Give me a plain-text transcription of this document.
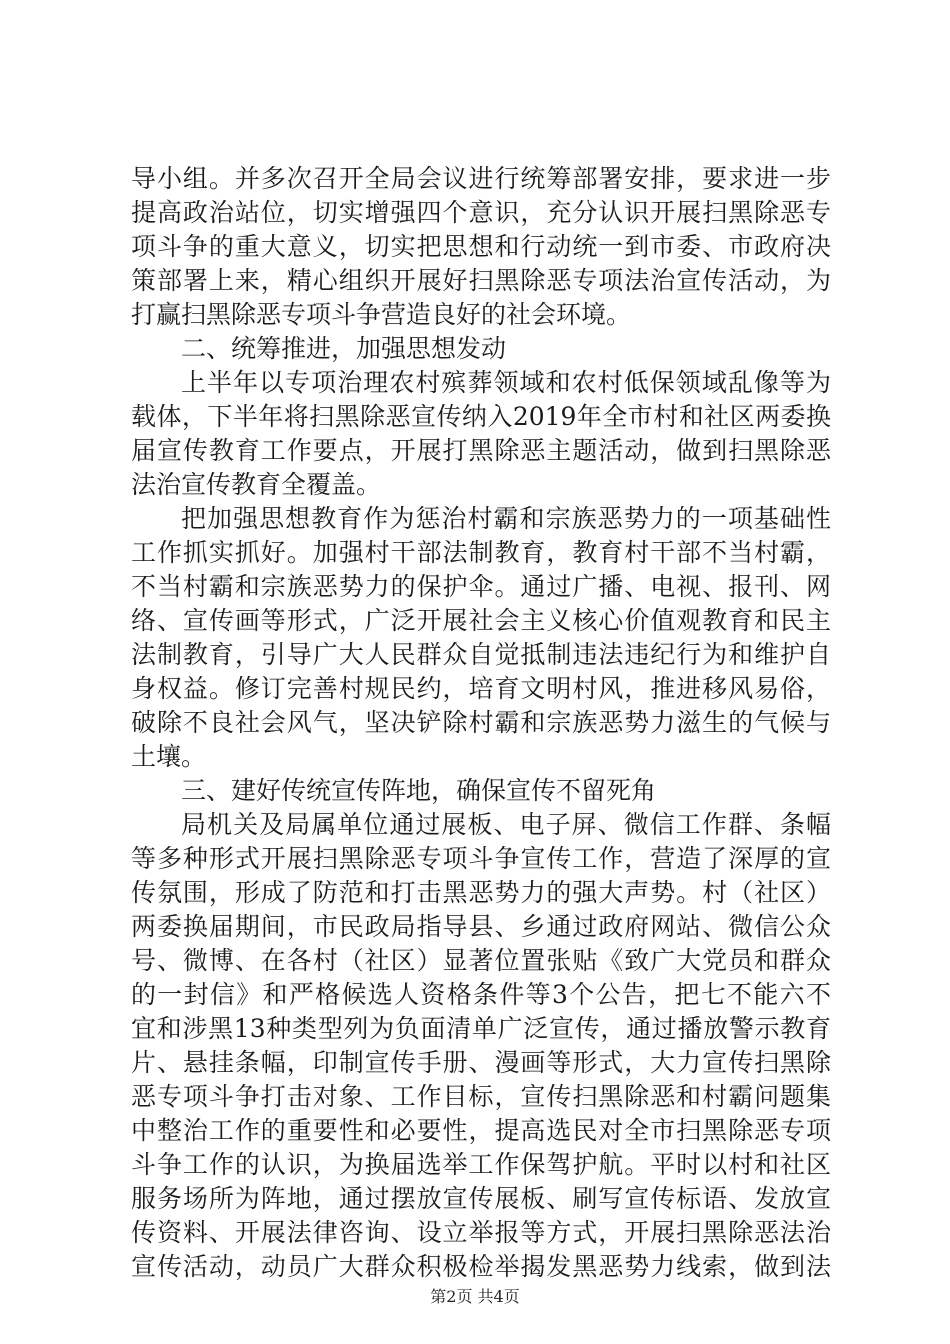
导小组。并多次召开全局会议进行统筹部署安排，要求进一步
提高政治站位，切实增强四个意识，充分认识开展扫黑除恶专
项斗争的重大意义，切实把思想和行动统一到市委、市政府决
策部署上来，精心组织开展好扫黑除恶专项法治宣传活动，为
打赢扫黑除恶专项斗争营造良好的社会环境。
二、统筹推进，加强思想发动
上半年以专项治理农村殡葬领域和农村低保领域乱像等为
载体，下半年将扫黑除恶宣传纳入2019年全市村和社区两委换
届宣传教育工作要点，开展打黑除恶主题活动，做到扫黑除恶
法治宣传教育全覆盖。
把加强思想教育作为惩治村霸和宗族恶势力的一项基础性
工作抓实抓好。加强村干部法制教育，教育村干部不当村霸，
不当村霸和宗族恶势力的保护伞。通过广播、电视、报刊、网
络、宣传画等形式，广泛开展社会主义核心价值观教育和民主
法制教育，引导广大人民群众自觉抵制违法违纪行为和维护自
身权益。修订完善村规民约，培育文明村风，推进移风易俗，
破除不良社会风气，坚决铲除村霸和宗族恶势力滋生的气候与
土壤。
三、建好传统宣传阵地，确保宣传不留死角
局机关及局属单位通过展板、电子屏、微信工作群、条幅
等多种形式开展扫黑除恶专项斗争宣传工作，营造了深厚的宣
传氛围，形成了防范和打击黑恶势力的强大声势。村（社区）
两委换届期间，市民政局指导县、乡通过政府网站、微信公众
号、微博、在各村（社区）显著位置张贴《致广大党员和群众
的一封信》和严格候选人资格条件等3个公告，把七不能六不
宜和涉黑13种类型列为负面清单广泛宣传，通过播放警示教育
片、悬挂条幅，印制宣传手册、漫画等形式，大力宣传扫黑除
恶专项斗争打击对象、工作目标，宣传扫黑除恶和村霸问题集
中整治工作的重要性和必要性，提高选民对全市扫黑除恶专项
斗争工作的认识，为换届选举工作保驾护航。平时以村和社区
服务场所为阵地，通过摆放宣传展板、刷写宣传标语、发放宣
传资料、开展法律咨询、设立举报等方式，开展扫黑除恶法治
宣传活动，动员广大群众积极检举揭发黑恶势力线索，做到法
第2页 共4页
